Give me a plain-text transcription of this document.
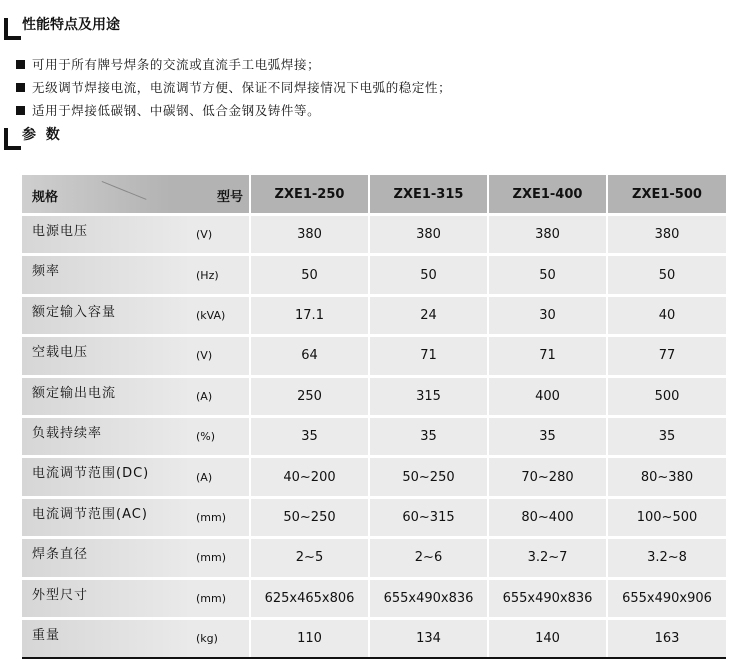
性能特点及用途
可用于所有牌号焊条的交流或直流手工电弧焊接；
无级调节焊接电流，电流调节方便、保证不同焊接情况下电弧的稳定性；
适用于焊接低碳钢、中碳钢、低合金钢及铸件等。
参  数
规格 型号		ZXE1-250	ZXE1-315	ZXE1-400	ZXE1-500
电源电压	(V)	380	380	380	380
频率	(Hz)	50	50	50	50
额定输入容量	(kVA)	17.1	24	30	40
空载电压	(V)	64	71	71	77
额定输出电流	(A)	250	315	400	500
负载持续率	(%)	35	35	35	35
电流调节范围(DC)	(A)	40~200	50~250	70~280	80~380
电流调节范围(AC)	(mm)	50~250	60~315	80~400	100~500
焊条直径	(mm)	2~5	2~6	3.2~7	3.2~8
外型尺寸	(mm)	625x465x806	655x490x836	655x490x836	655x490x906
重量	(kg)	110	134	140	163
